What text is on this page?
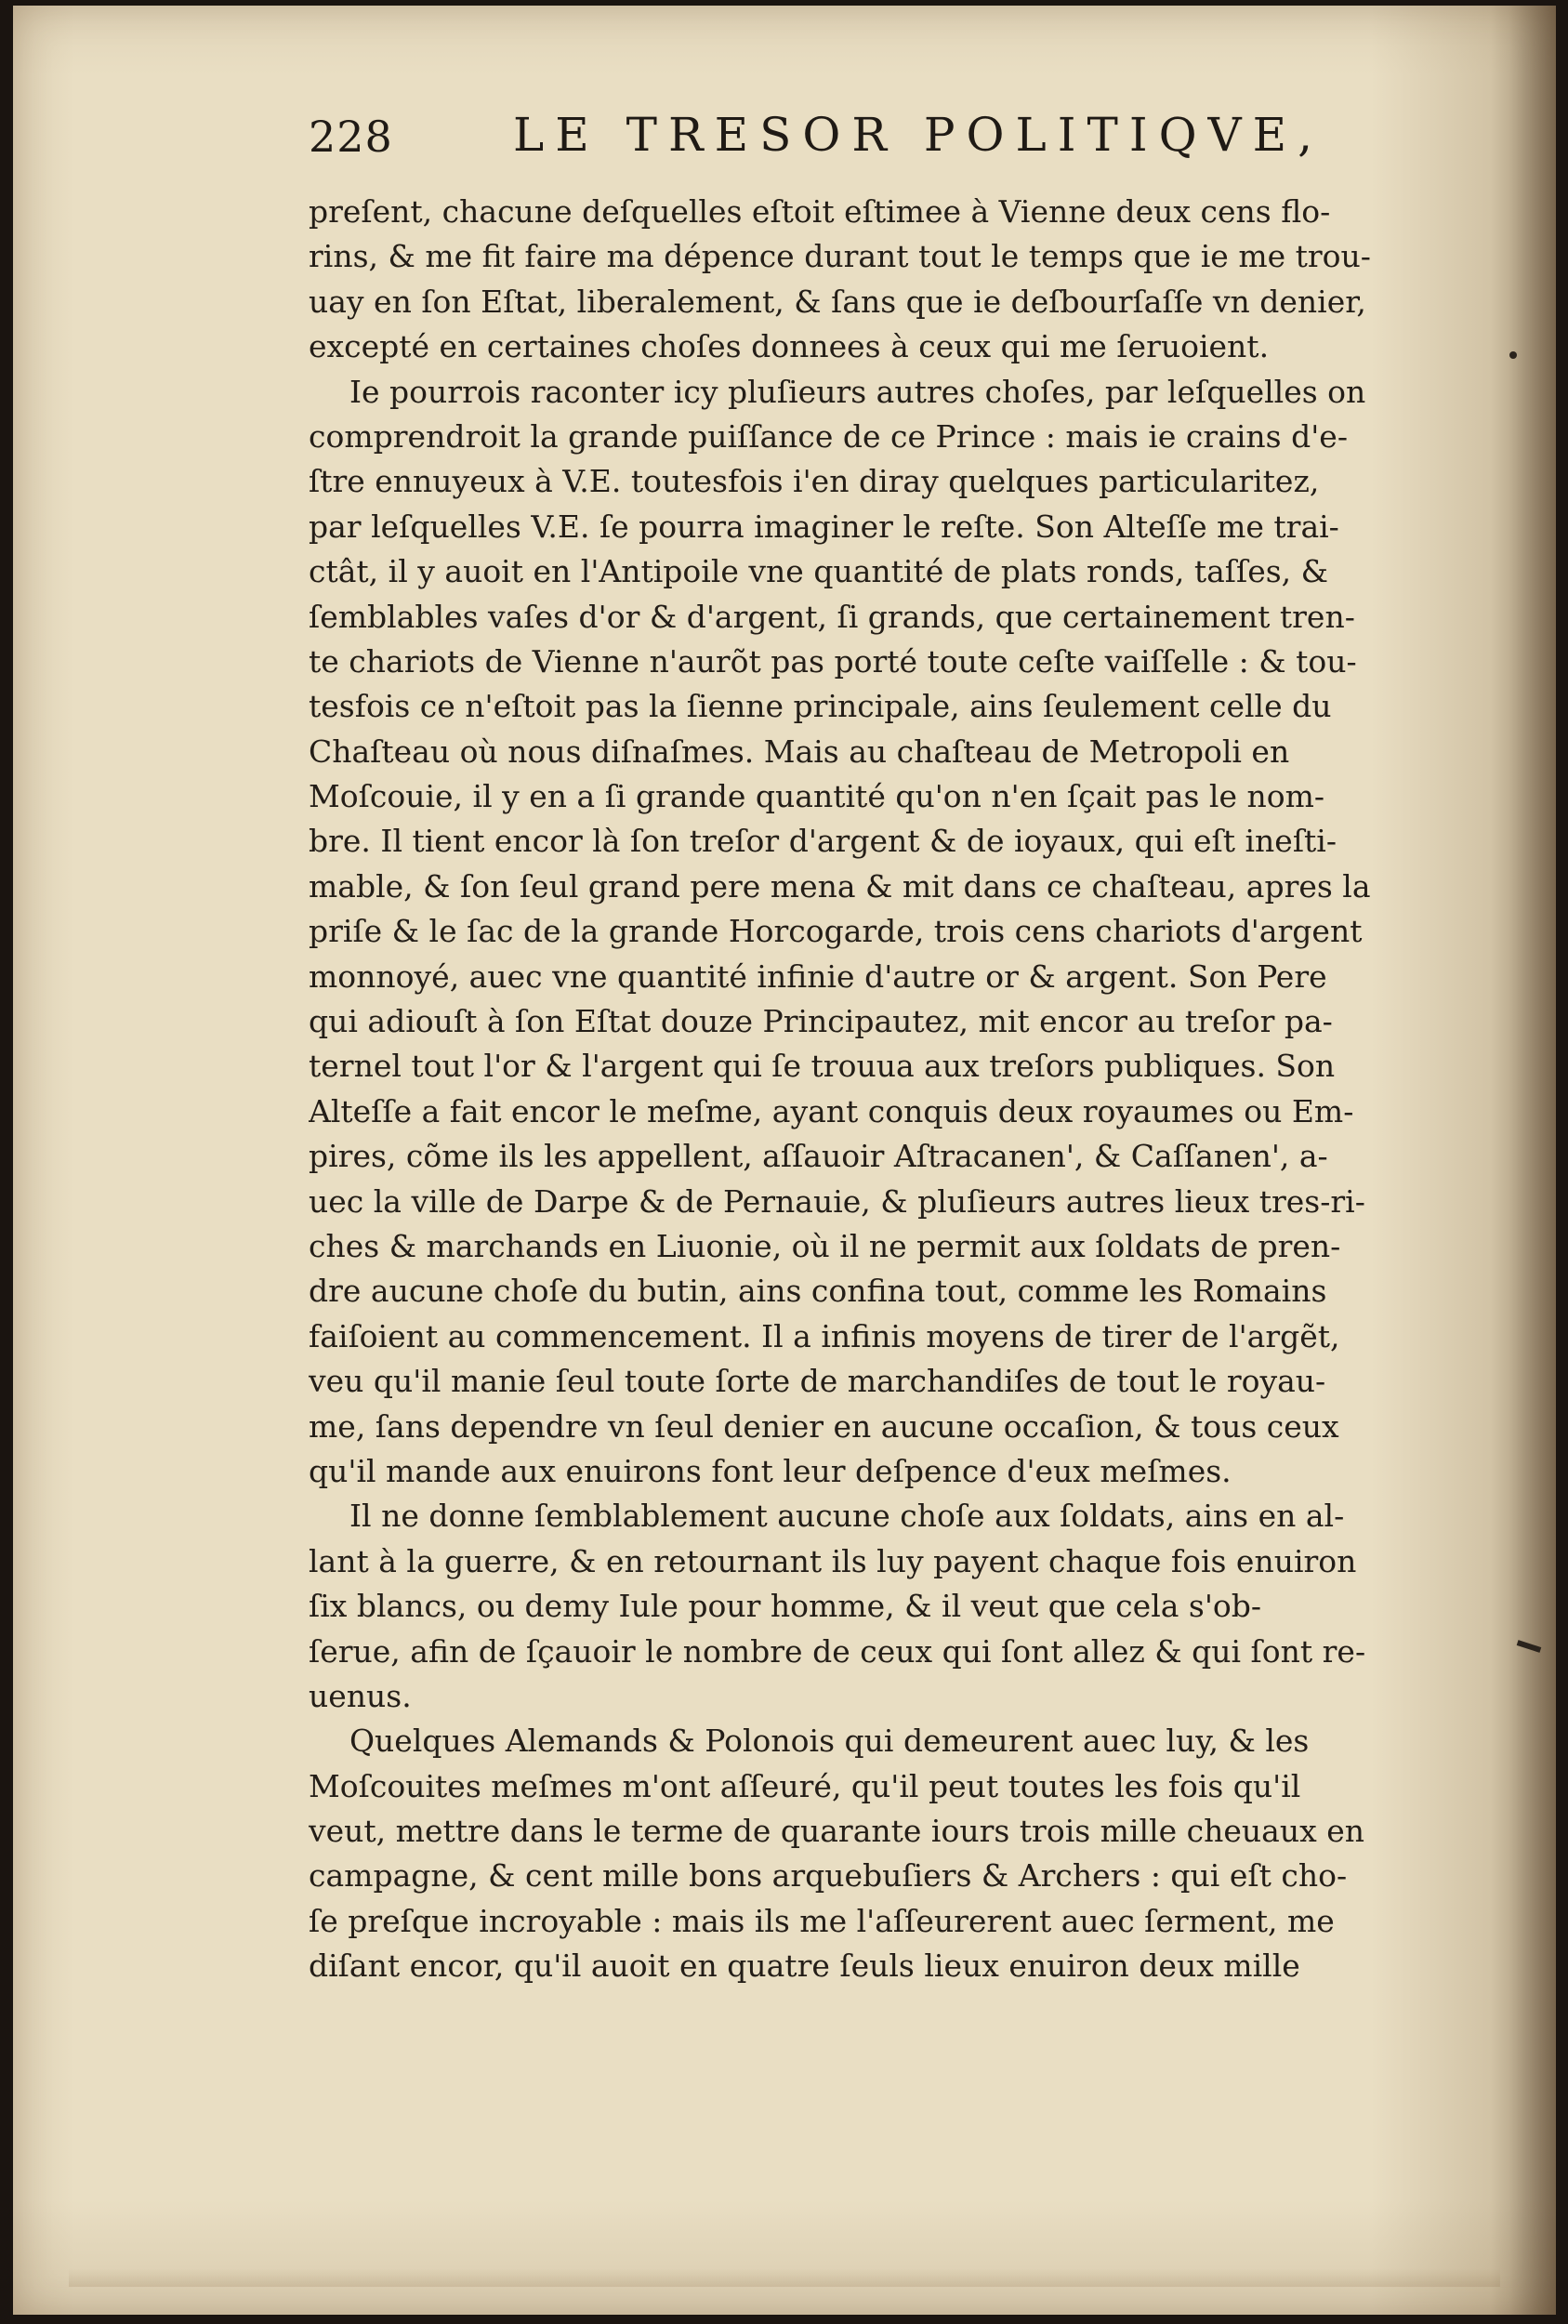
228	LE TRESOR POLITIQVE,
preſent, chacune deſquelles eſtoit eſtimee à Vienne deux cens flo-
rins, & me fit faire ma dépence durant tout le temps que ie me trou-
uay en ſon Eſtat, liberalement, & ſans que ie deſbourſaſſe vn denier,
excepté en certaines choſes donnees à ceux qui me ſeruoient.
Ie pourrois raconter icy pluſieurs autres choſes, par leſquelles on
comprendroit la grande puiſſance de ce Prince : mais ie crains d'e-
ſtre ennuyeux à V.E. toutesfois i'en diray quelques particularitez,
par leſquelles V.E. ſe pourra imaginer le reſte. Son Alteſſe me trai-
ctât, il y auoit en l'Antipoile vne quantité de plats ronds, taſſes, &
ſemblables vaſes d'or & d'argent, ſi grands, que certainement tren-
te chariots de Vienne n'aurõt pas porté toute ceſte vaiſſelle : & tou-
tesfois ce n'eſtoit pas la ſienne principale, ains ſeulement celle du
Chaſteau où nous diſnaſmes. Mais au chaſteau de Metropoli en
Moſcouie, il y en a ſi grande quantité qu'on n'en ſçait pas le nom-
bre. Il tient encor là ſon treſor d'argent & de ioyaux, qui eſt ineſti-
mable, & ſon ſeul grand pere mena & mit dans ce chaſteau, apres la
priſe & le ſac de la grande Horcogarde, trois cens chariots d'argent
monnoyé, auec vne quantité infinie d'autre or & argent. Son Pere
qui adiouſt à ſon Eſtat douze Principautez, mit encor au treſor pa-
ternel tout l'or & l'argent qui ſe trouua aux treſors publiques. Son
Alteſſe a fait encor le meſme, ayant conquis deux royaumes ou Em-
pires, cõme ils les appellent, aſſauoir Aſtracanen', & Caſſanen', a-
uec la ville de Darpe & de Pernauie, & pluſieurs autres lieux tres-ri-
ches & marchands en Liuonie, où il ne permit aux ſoldats de pren-
dre aucune choſe du butin, ains confina tout, comme les Romains
faiſoient au commencement. Il a infinis moyens de tirer de l'argẽt,
veu qu'il manie ſeul toute ſorte de marchandiſes de tout le royau-
me, ſans dependre vn ſeul denier en aucune occaſion, & tous ceux
qu'il mande aux enuirons font leur deſpence d'eux meſmes.
Il ne donne ſemblablement aucune choſe aux ſoldats, ains en al-
lant à la guerre, & en retournant ils luy payent chaque fois enuiron
ſix blancs, ou demy Iule pour homme, & il veut que cela s'ob-
ſerue, afin de ſçauoir le nombre de ceux qui ſont allez & qui ſont re-
uenus.
Quelques Alemands & Polonois qui demeurent auec luy, & les
Moſcouites meſmes m'ont aſſeuré, qu'il peut toutes les fois qu'il
veut, mettre dans le terme de quarante iours trois mille cheuaux en
campagne, & cent mille bons arquebuſiers & Archers : qui eſt cho-
ſe preſque incroyable : mais ils me l'aſſeurerent auec ſerment, me
diſant encor, qu'il auoit en quatre ſeuls lieux enuiron deux mille
